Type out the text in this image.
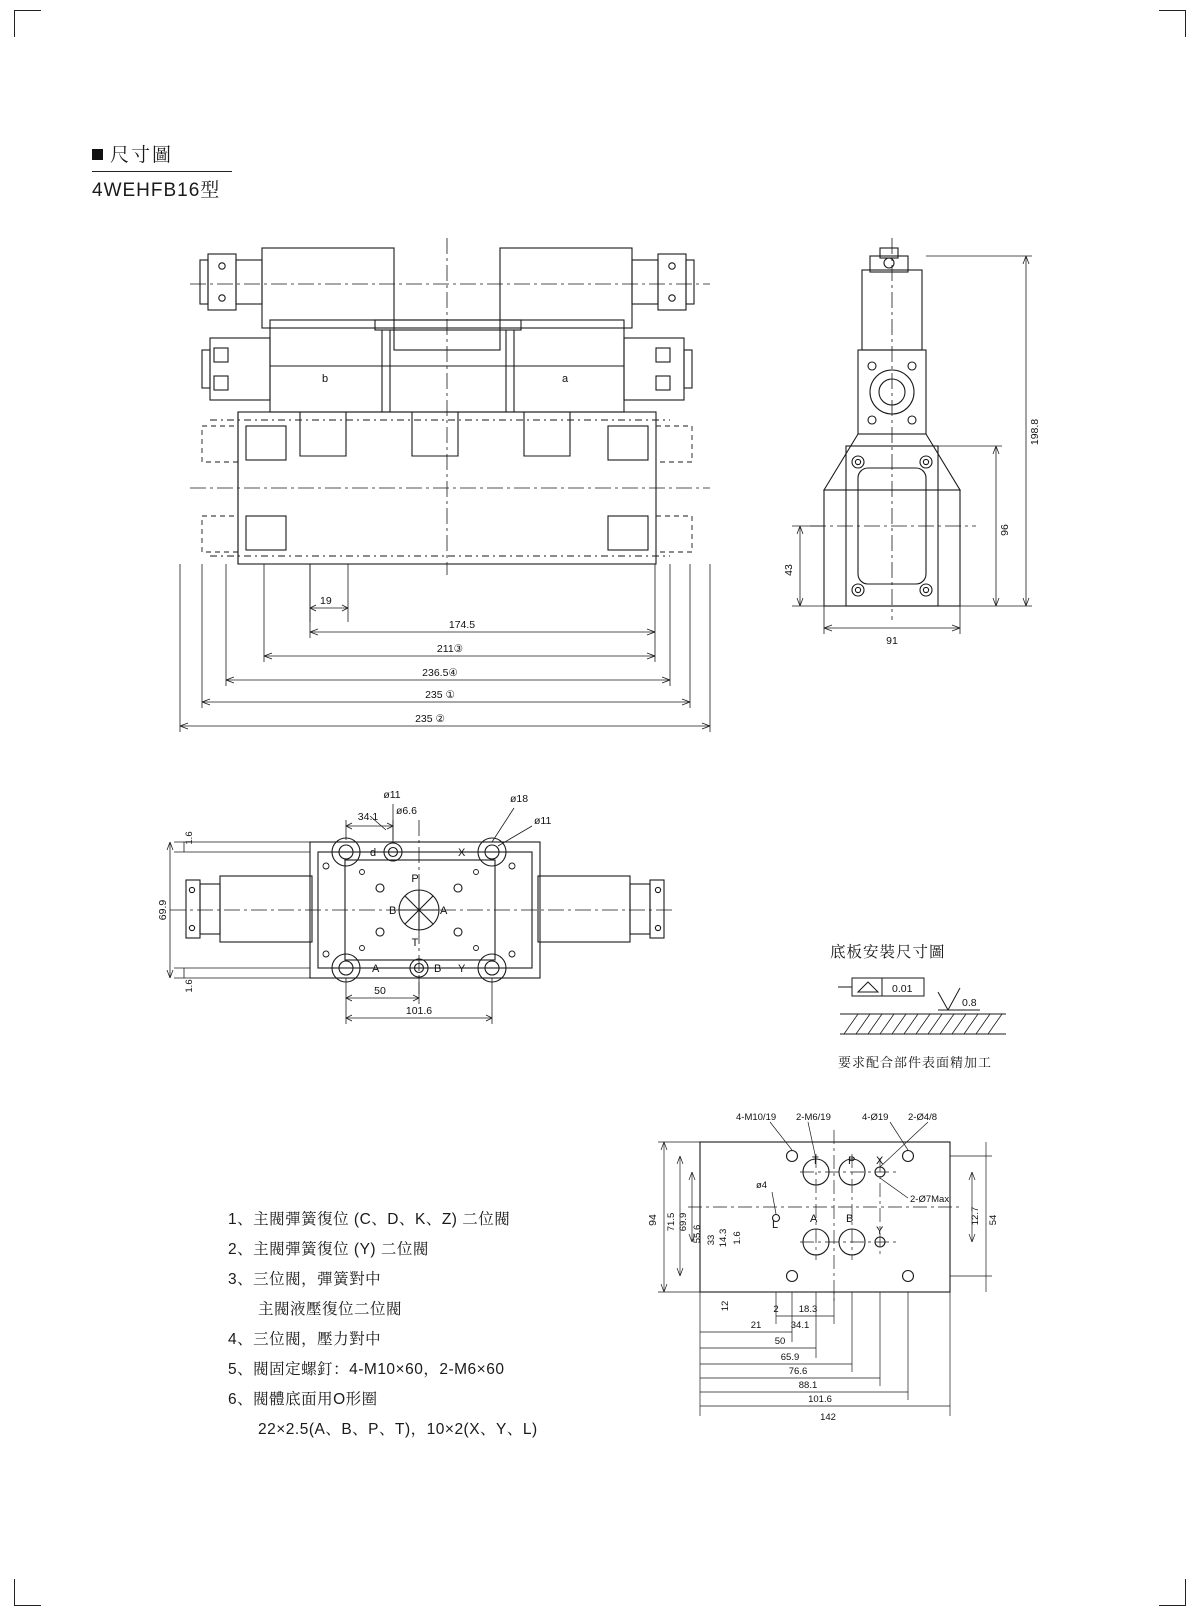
尺寸圖
4WEHFB16型
b	a
19
174.5
211③
236.5④
235 ①
235 ②
198.8
96
43
91
69.9
1.6
1.6
34.1
ø11
ø6.6
ø18
ø11
50
101.6
P
B	A
T
X
Y
d
A	B
底板安裝尺寸圖
0.01
0.8
要求配合部件表面精加工
4-M10/19 2-M6/19	4-Ø19 2-Ø4/8
ø4
2-Ø7Max
T	P X
L	A	B
Y
94 71.5 69.9
55.6 33 14.3 1.6
12
12.7 54
2 18.3
21	34.1
50
65.9
76.6
88.1
101.6
142
1、主閥彈簧復位 (C、D、K、Z) 二位閥
2、主閥彈簧復位 (Y) 二位閥
3、三位閥，彈簧對中
主閥液壓復位二位閥
4、三位閥，壓力對中
5、閥固定螺釘：4-M10×60，2-M6×60
6、閥體底面用O形圈
22×2.5(A、B、P、T)，10×2(X、Y、L)
